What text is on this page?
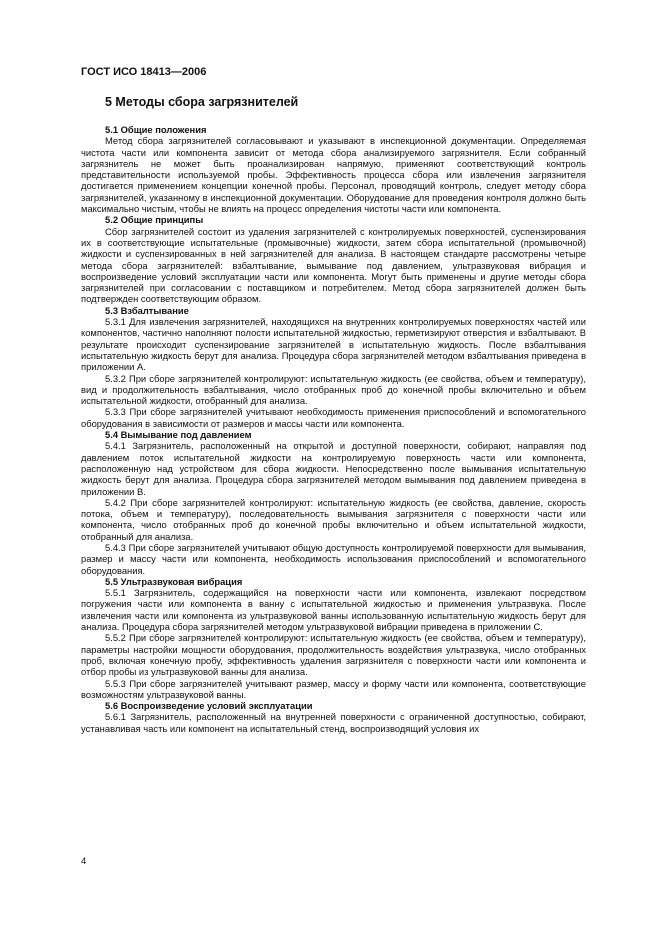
ГОСТ ИСО 18413—2006
5 Методы сбора загрязнителей

5.1 Общие положения

Метод сбора загрязнителей согласовывают и указывают в инспекционной документации. Определяемая чистота части или компонента зависит от метода сбора анализируемого загрязнителя. Если собранный загрязнитель не может быть проанализирован напрямую, применяют соответствующий контроль представительности используемой пробы. Эффективность процесса сбора или извлечения загрязнителя достигается применением концепции конечной пробы. Персонал, проводящий контроль, следует методу сбора загрязнителей, указанному в инспекционной документации. Оборудование для проведения контроля должно быть максимально чистым, чтобы не влиять на процесс определения чистоты части или компонента.

5.2 Общие принципы

Сбор загрязнителей состоит из удаления загрязнителей с контролируемых поверхностей, суспензирования их в соответствующие испытательные (промывочные) жидкости, затем сбора испытательной (промывочной) жидкости и суспензированных в ней загрязнителей для анализа. В настоящем стандарте рассмотрены четыре метода сбора загрязнителей: взбалтывание, вымывание под давлением, ультразвуковая вибрация и воспроизведение условий эксплуатации части или компонента. Могут быть применены и другие методы сбора загрязнителей при согласовании с поставщиком и потребителем. Метод сбора загрязнителей должен быть подтвержден соответствующим образом.

5.3 Взбалтывание

5.3.1 Для извлечения загрязнителей, находящихся на внутренних контролируемых поверхностях частей или компонентов, частично наполняют полости испытательной жидкостью, герметизируют отверстия и взбалтывают. В результате происходит суспензирование загрязнителей в испытательную жидкость. После взбалтывания испытательную жидкость берут для анализа. Процедура сбора загрязнителей методом взбалтывания приведена в приложении А.

5.3.2 При сборе загрязнителей контролируют: испытательную жидкость (ее свойства, объем и температуру), вид и продолжительность взбалтывания, число отобранных проб до конечной пробы включительно и объем испытательной жидкости, отобранный для анализа.

5.3.3 При сборе загрязнителей учитывают необходимость применения приспособлений и вспомогательного оборудования в зависимости от размеров и массы части или компонента.

5.4 Вымывание под давлением

5.4.1 Загрязнитель, расположенный на открытой и доступной поверхности, собирают, направляя под давлением поток испытательной жидкости на контролируемую поверхность части или компонента, расположенную над устройством для сбора жидкости. Непосредственно после вымывания испытательную жидкость берут для анализа. Процедура сбора загрязнителей методом вымывания под давлением приведена в приложении В.

5.4.2 При сборе загрязнителей контролируют: испытательную жидкость (ее свойства, давление, скорость потока, объем и температуру), последовательность вымывания загрязнителя с поверхности части или компонента, число отобранных проб до конечной пробы включительно и объем испытательной жидкости, отобранный для анализа.

5.4.3 При сборе загрязнителей учитывают общую доступность контролируемой поверхности для вымывания, размер и массу части или компонента, необходимость использования приспособлений и вспомогательного оборудования.

5.5 Ультразвуковая вибрация

5.5.1 Загрязнитель, содержащийся на поверхности части или компонента, извлекают посредством погружения части или компонента в ванну с испытательной жидкостью и применения ультразвука. После извлечения части или компонента из ультразвуковой ванны использованную испытательную жидкость берут для анализа. Процедура сбора загрязнителей методом ультразвуковой вибрации приведена в приложении С.

5.5.2 При сборе загрязнителей контролируют: испытательную жидкость (ее свойства, объем и температуру), параметры настройки мощности оборудования, продолжительность воздействия ультразвука, число отобранных проб, включая конечную пробу, эффективность удаления загрязнителя с поверхности части или компонента и отбор пробы из ультразвуковой ванны для анализа.

5.5.3 При сборе загрязнителей учитывают размер, массу и форму части или компонента, соответствующие возможностям ультразвуковой ванны.

5.6 Воспроизведение условий эксплуатации

5.6.1 Загрязнитель, расположенный на внутренней поверхности с ограниченной доступностью, собирают, устанавливая часть или компонент на испытательный стенд, воспроизводящий условия их

4
